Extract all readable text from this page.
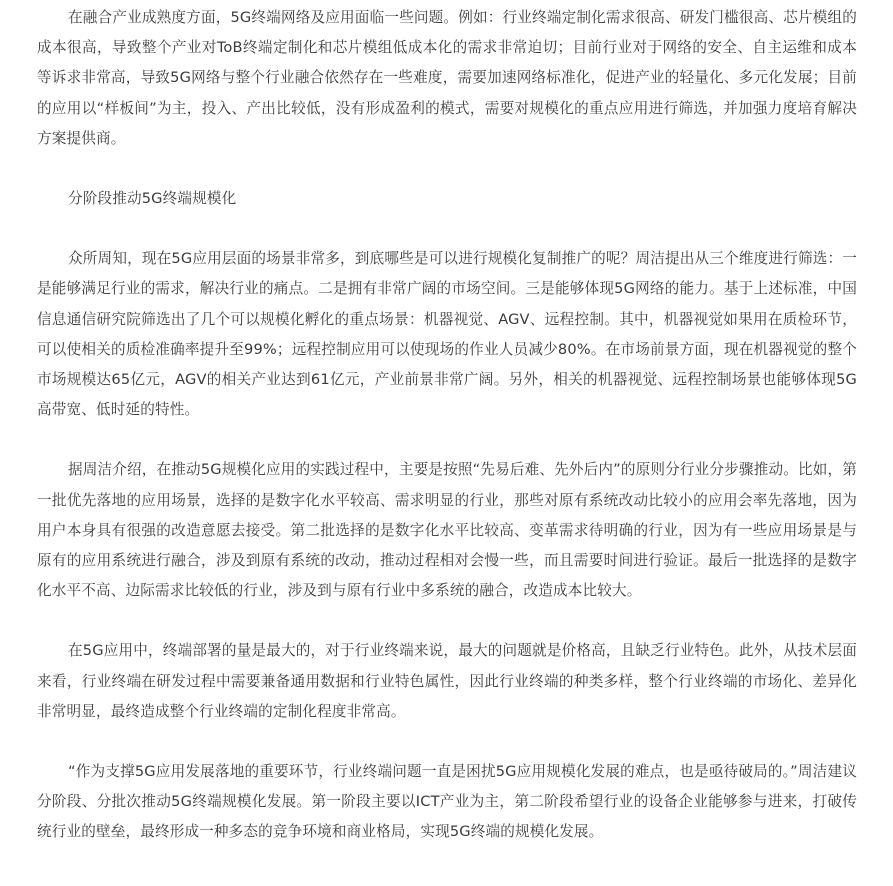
在融合产业成熟度方面，5G终端网络及应用面临一些问题。例如：行业终端定制化需求很高、研发门槛很高、芯片模组的成本很高，导致整个产业对ToB终端定制化和芯片模组低成本化的需求非常迫切；目前行业对于网络的安全、自主运维和成本等诉求非常高，导致5G网络与整个行业融合依然存在一些难度，需要加速网络标准化，促进产业的轻量化、多元化发展；目前的应用以“样板间”为主，投入、产出比较低，没有形成盈利的模式，需要对规模化的重点应用进行筛选，并加强力度培育解决方案提供商。

分阶段推动5G终端规模化

众所周知，现在5G应用层面的场景非常多，到底哪些是可以进行规模化复制推广的呢？周洁提出从三个维度进行筛选：一是能够满足行业的需求，解决行业的痛点。二是拥有非常广阔的市场空间。三是能够体现5G网络的能力。基于上述标准，中国信息通信研究院筛选出了几个可以规模化孵化的重点场景：机器视觉、AGV、远程控制。其中，机器视觉如果用在质检环节，可以使相关的质检准确率提升至99%；远程控制应用可以使现场的作业人员减少80%。在市场前景方面，现在机器视觉的整个市场规模达65亿元，AGV的相关产业达到61亿元，产业前景非常广阔。另外，相关的机器视觉、远程控制场景也能够体现5G高带宽、低时延的特性。

据周洁介绍，在推动5G规模化应用的实践过程中，主要是按照“先易后难、先外后内”的原则分行业分步骤推动。比如，第一批优先落地的应用场景，选择的是数字化水平较高、需求明显的行业，那些对原有系统改动比较小的应用会率先落地，因为用户本身具有很强的改造意愿去接受。第二批选择的是数字化水平比较高、变革需求待明确的行业，因为有一些应用场景是与原有的应用系统进行融合，涉及到原有系统的改动，推动过程相对会慢一些，而且需要时间进行验证。最后一批选择的是数字化水平不高、边际需求比较低的行业，涉及到与原有行业中多系统的融合，改造成本比较大。

在5G应用中，终端部署的量是最大的，对于行业终端来说，最大的问题就是价格高，且缺乏行业特色。此外，从技术层面来看，行业终端在研发过程中需要兼备通用数据和行业特色属性，因此行业终端的种类多样，整个行业终端的市场化、差异化非常明显，最终造成整个行业终端的定制化程度非常高。

“作为支撑5G应用发展落地的重要环节，行业终端问题一直是困扰5G应用规模化发展的难点，也是亟待破局的。”周洁建议分阶段、分批次推动5G终端规模化发展。第一阶段主要以ICT产业为主，第二阶段希望行业的设备企业能够参与进来，打破传统行业的壁垒，最终形成一种多态的竞争环境和商业格局，实现5G终端的规模化发展。
